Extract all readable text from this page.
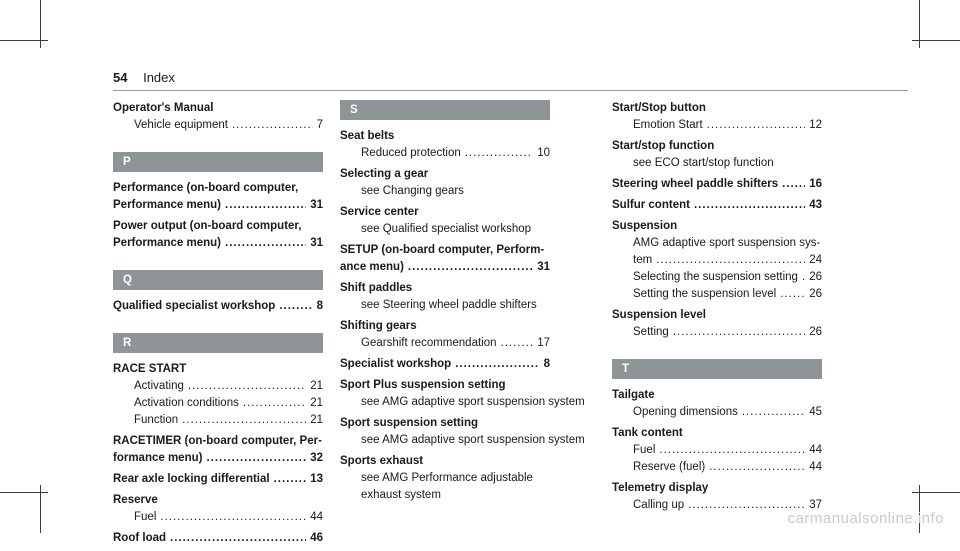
54 Index
Operator's Manual
Vehicle equipment .....	7
P
Performance (on-board computer,
Performance menu) .....	31
Power output (on-board computer,
Performance menu) .....	31
Q
Qualified specialist workshop .....	8
R
RACE START
Activating .....	21
Activation conditions .....	21
Function .....	21
RACETIMER (on-board computer, Per-
formance menu) .....	32
Rear axle locking differential .....	13
Reserve
Fuel .....	44
Roof load .....	46
S
Seat belts
Reduced protection .....	10
Selecting a gear
see Changing gears
Service center
see Qualified specialist workshop
SETUP (on-board computer, Perform-
ance menu) .....	31
Shift paddles
see Steering wheel paddle shifters
Shifting gears
Gearshift recommendation .....	17
Specialist workshop .....	8
Sport Plus suspension setting
see AMG adaptive sport suspension system
Sport suspension setting
see AMG adaptive sport suspension system
Sports exhaust
see AMG Performance adjustable
exhaust system
Start/Stop button
Emotion Start .....	12
Start/stop function
see ECO start/stop function
Steering wheel paddle shifters .....	16
Sulfur content .....	43
Suspension
AMG adaptive sport suspension sys-
tem .....	24
Selecting the suspension setting ..... 26
Setting the suspension level .....	26
Suspension level
Setting .....	26
T
Tailgate
Opening dimensions .....	45
Tank content
Fuel .....	44
Reserve (fuel) .....	44
Telemetry display
Calling up .....	37
carmanualsonline.info
